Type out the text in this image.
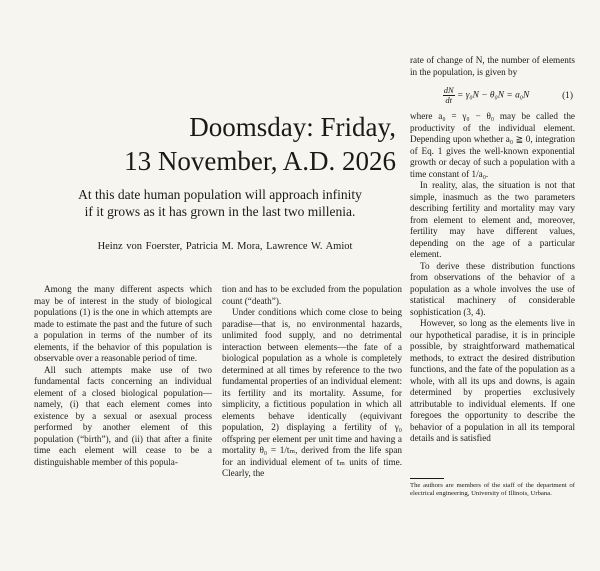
Doomsday: Friday,
13 November, A.D. 2026

At this date human population will approach infinity
if it grows as it has grown in the last two millenia.

Heinz von Foerster, Patricia M. Mora, Lawrence W. Amiot

Among the many different aspects which may be of interest in the study of biological populations (1) is the one in which attempts are made to estimate the past and the future of such a population in terms of the number of its elements, if the behavior of this population is observable over a reasonable period of time.

All such attempts make use of two fundamental facts concerning an individual element of a closed biological population—namely, (i) that each element comes into existence by a sexual or asexual process performed by another element of this population (“birth”), and (ii) that after a finite time each element will cease to be a distinguishable member of this popula-

tion and has to be excluded from the population count (“death”).

Under conditions which come close to being paradise—that is, no environmental hazards, unlimited food supply, and no detrimental interaction between elements—the fate of a biological population as a whole is completely determined at all times by reference to the two fundamental properties of an individual element: its fertility and its mortality. Assume, for simplicity, a fictitious population in which all elements behave identically (equivivant population, 2) displaying a fertility of γ₀ offspring per element per unit time and having a mortality θ₀ = 1/tₘ, derived from the life span for an individual element of tₘ units of time. Clearly, the

rate of change of N, the number of elements in the population, is given by

$\frac{dN}{dt} = \gamma_0N - \theta_0N = a_0N$	(1)

where a₀ = γ₀ − θ₀ may be called the productivity of the individual element. Depending upon whether a₀ ≧ 0, integration of Eq. 1 gives the well-known exponential growth or decay of such a population with a time constant of 1/a₀.

In reality, alas, the situation is not that simple, inasmuch as the two parameters describing fertility and mortality may vary from element to element and, moreover, fertility may have different values, depending on the age of a particular element.

To derive these distribution functions from observations of the behavior of a population as a whole involves the use of statistical machinery of considerable sophistication (3, 4).

However, so long as the elements live in our hypothetical paradise, it is in principle possible, by straightforward mathematical methods, to extract the desired distribution functions, and the fate of the population as a whole, with all its ups and downs, is again determined by properties exclusively attributable to individual elements. If one foregoes the opportunity to describe the behavior of a population in all its temporal details and is satisfied

The authors are members of the staff of the department of electrical engineering, University of Illinois, Urbana.
